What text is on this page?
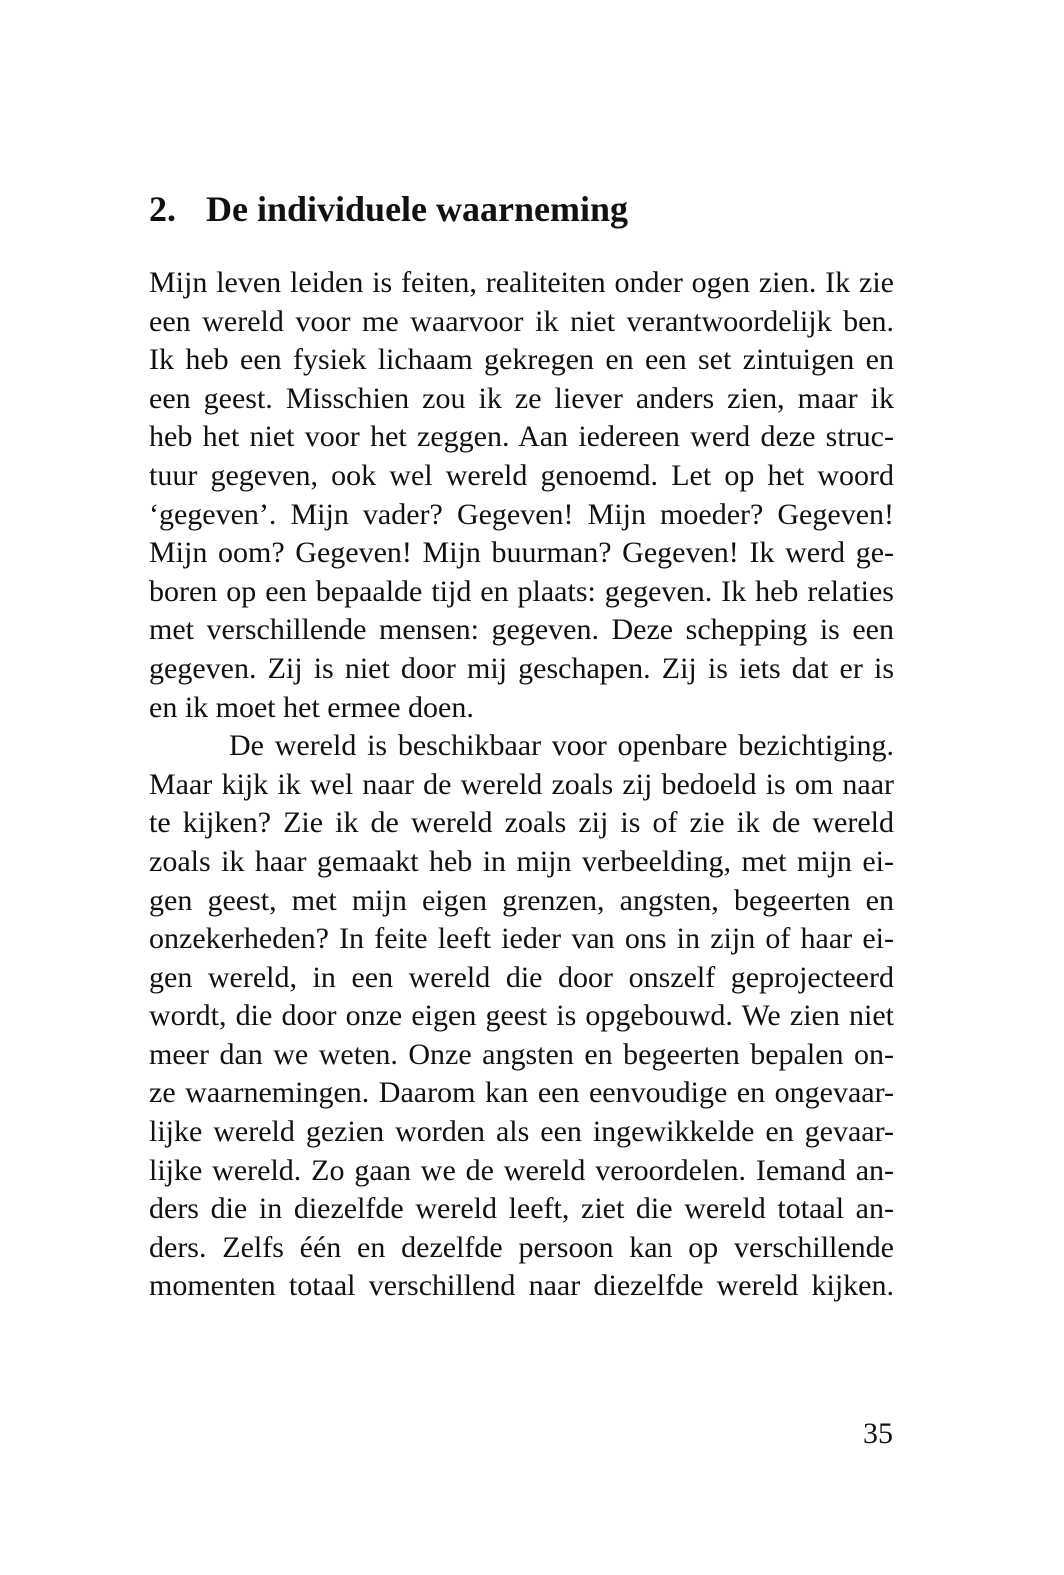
2. De individuele waarneming
Mijn leven leiden is feiten, realiteiten onder ogen zien. Ik zie
een wereld voor me waarvoor ik niet verantwoordelijk ben.
Ik heb een fysiek lichaam gekregen en een set zintuigen en
een geest. Misschien zou ik ze liever anders zien, maar ik
heb het niet voor het zeggen. Aan iedereen werd deze struc-
tuur gegeven, ook wel wereld genoemd. Let op het woord
‘gegeven’. Mijn vader? Gegeven! Mijn moeder? Gegeven!
Mijn oom? Gegeven! Mijn buurman? Gegeven! Ik werd ge-
boren op een bepaalde tijd en plaats: gegeven. Ik heb relaties
met verschillende mensen: gegeven. Deze schepping is een
gegeven. Zij is niet door mij geschapen. Zij is iets dat er is
en ik moet het ermee doen.
De wereld is beschikbaar voor openbare bezichtiging.
Maar kijk ik wel naar de wereld zoals zij bedoeld is om naar
te kijken? Zie ik de wereld zoals zij is of zie ik de wereld
zoals ik haar gemaakt heb in mijn verbeelding, met mijn ei-
gen geest, met mijn eigen grenzen, angsten, begeerten en
onzekerheden? In feite leeft ieder van ons in zijn of haar ei-
gen wereld, in een wereld die door onszelf geprojecteerd
wordt, die door onze eigen geest is opgebouwd. We zien niet
meer dan we weten. Onze angsten en begeerten bepalen on-
ze waarnemingen. Daarom kan een eenvoudige en ongevaar-
lijke wereld gezien worden als een ingewikkelde en gevaar-
lijke wereld. Zo gaan we de wereld veroordelen. Iemand an-
ders die in diezelfde wereld leeft, ziet die wereld totaal an-
ders. Zelfs één en dezelfde persoon kan op verschillende
momenten totaal verschillend naar diezelfde wereld kijken.
35
